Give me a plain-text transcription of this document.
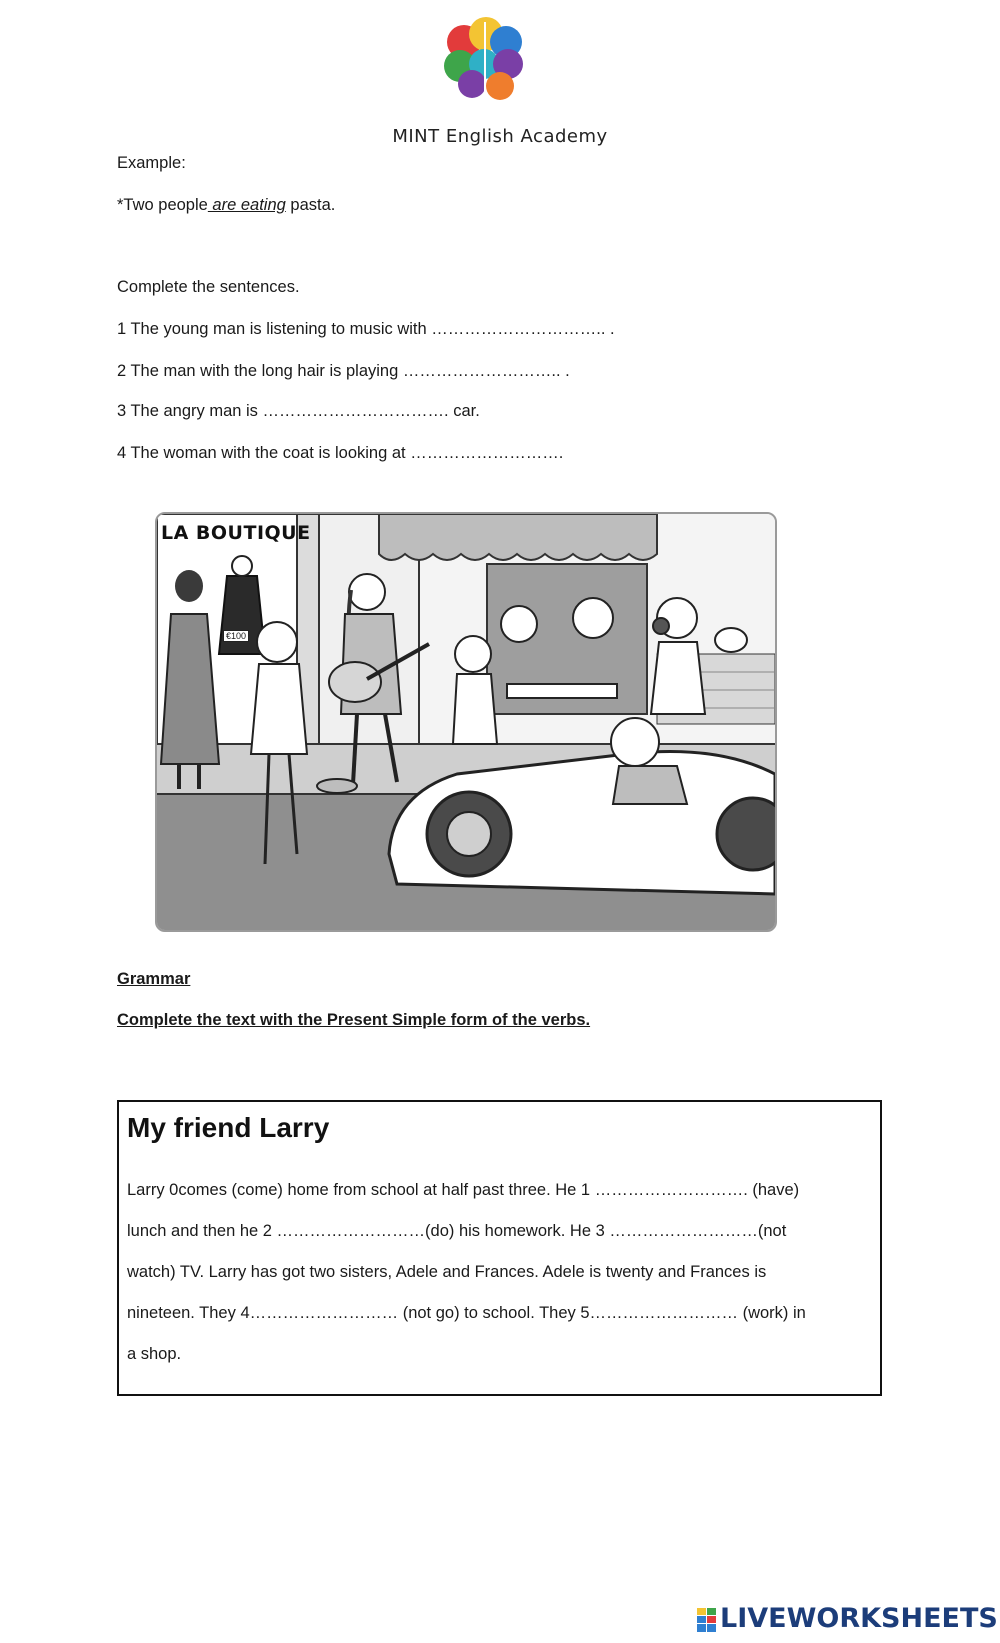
MINT English Academy
Example:
*Two people are eating pasta.
Complete the sentences.
1 The young man is listening to music with ………………………….. .
2 The man with the long hair is playing ……………………….. .
3 The angry man is ……………………………. car.
4 The woman with the coat is looking at ……………………….
LA BOUTIQUE
€100
Grammar
Complete the text with the Present Simple form of the verbs.
My friend Larry
Larry 0comes (come) home from school at half past three. He 1 ………………………. (have)
lunch and then he 2 ………………………(do) his homework. He 3 ………………………(not
watch) TV. Larry has got two sisters, Adele and Frances. Adele is twenty and Frances is
nineteen. They 4……………………… (not go) to school. They 5……………………… (work) in
a shop.
LIVEWORKSHEETS
